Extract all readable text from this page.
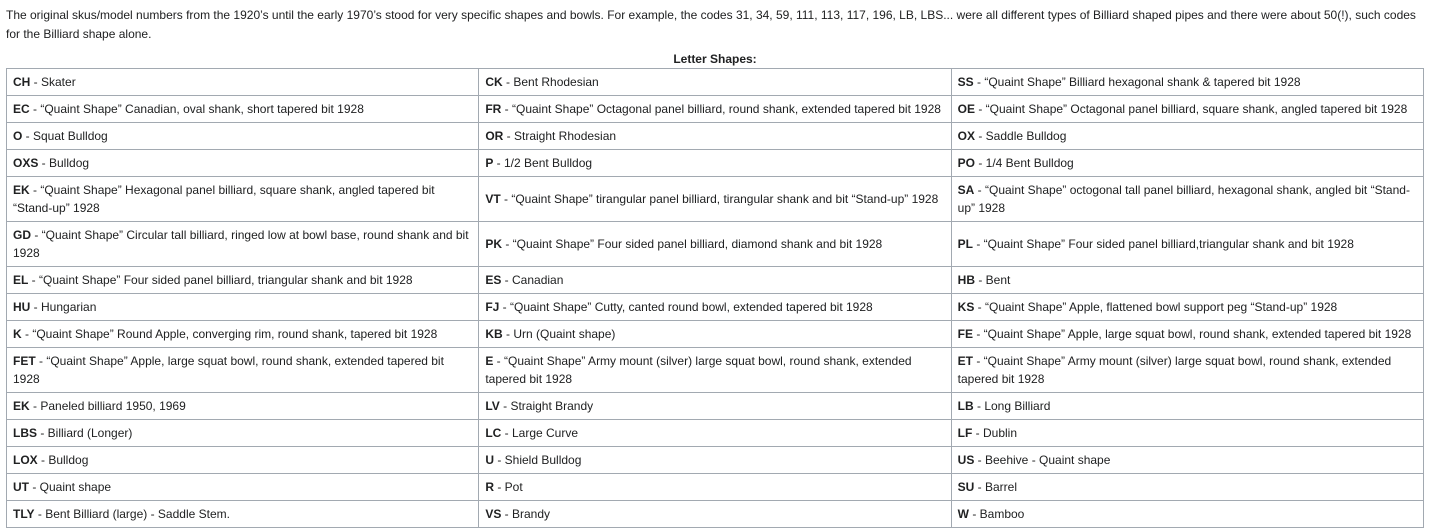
The original skus/model numbers from the 1920’s until the early 1970’s stood for very specific shapes and bowls. For example, the codes 31, 34, 59, 111, 113, 117, 196, LB, LBS... were all different types of Billiard shaped pipes and there were about 50(!), such codes for the Billiard shape alone.

Letter Shapes:
CH - Skater	CK - Bent Rhodesian	SS - “Quaint Shape” Billiard hexagonal shank & tapered bit 1928
EC - “Quaint Shape” Canadian, oval shank, short tapered bit 1928	FR - “Quaint Shape” Octagonal panel billiard, round shank, extended tapered bit 1928	OE - “Quaint Shape” Octagonal panel billiard, square shank, angled tapered bit 1928
O - Squat Bulldog	OR - Straight Rhodesian	OX - Saddle Bulldog
OXS - Bulldog	P - 1/2 Bent Bulldog	PO - 1/4 Bent Bulldog
EK - “Quaint Shape” Hexagonal panel billiard, square shank, angled tapered bit “Stand-up” 1928	VT - “Quaint Shape” tirangular panel billiard, tirangular shank and bit “Stand-up” 1928	SA - “Quaint Shape” octogonal tall panel billiard, hexagonal shank, angled bit “Stand-up” 1928
GD - “Quaint Shape” Circular tall billiard, ringed low at bowl base, round shank and bit 1928	PK - “Quaint Shape” Four sided panel billiard, diamond shank and bit 1928	PL - “Quaint Shape” Four sided panel billiard,triangular shank and bit 1928
EL - “Quaint Shape” Four sided panel billiard, triangular shank and bit 1928	ES - Canadian	HB - Bent
HU - Hungarian	FJ - “Quaint Shape” Cutty, canted round bowl, extended tapered bit 1928	KS - “Quaint Shape” Apple, flattened bowl support peg “Stand-up” 1928
K - “Quaint Shape” Round Apple, converging rim, round shank, tapered bit 1928	KB - Urn (Quaint shape)	FE - “Quaint Shape” Apple, large squat bowl, round shank, extended tapered bit 1928
FET - “Quaint Shape” Apple, large squat bowl, round shank, extended tapered bit 1928	E - “Quaint Shape” Army mount (silver) large squat bowl, round shank, extended tapered bit 1928	ET - “Quaint Shape” Army mount (silver) large squat bowl, round shank, extended tapered bit 1928
EK - Paneled billiard 1950, 1969	LV - Straight Brandy	LB - Long Billiard
LBS - Billiard (Longer)	LC - Large Curve	LF - Dublin
LOX - Bulldog	U - Shield Bulldog	US - Beehive - Quaint shape
UT - Quaint shape	R - Pot	SU - Barrel
TLY - Bent Billiard (large) - Saddle Stem.	VS - Brandy	W - Bamboo
